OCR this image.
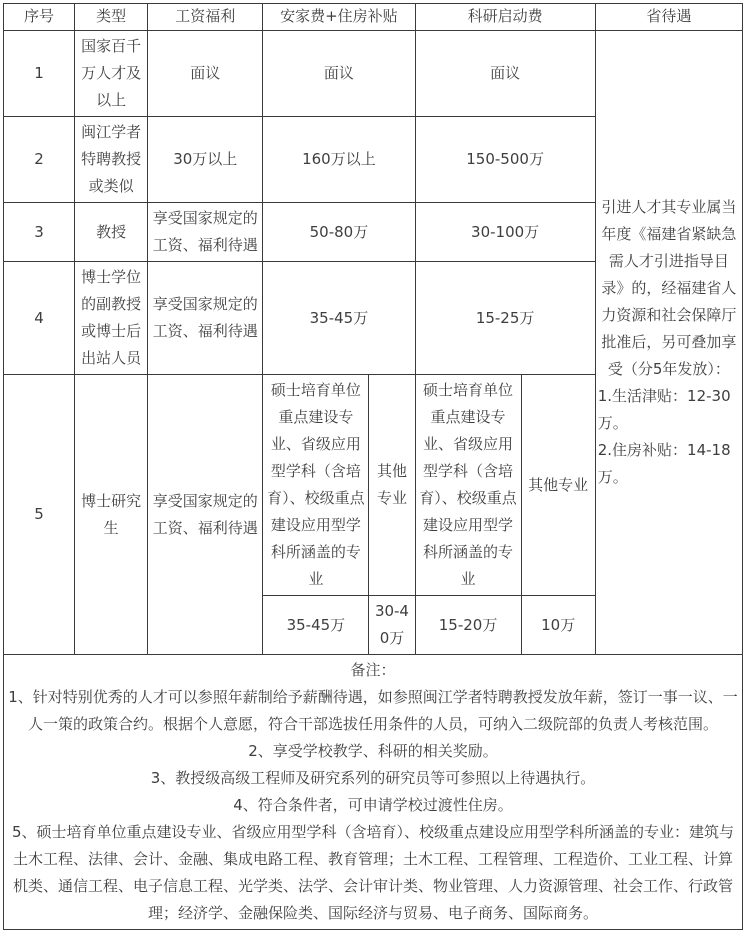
序号	类型	工资福利	安家费+住房补贴		科研启动费		省待遇
1	国家百千万人才及以上	面议	面议		面议		引进人才其专业属当年度《福建省紧缺急需人才引进指导目录》的，经福建省人力资源和社会保障厅批准后，另可叠加享受（分5年发放）：
1.生活津贴：12-30万。
2.住房补贴：14-18万。

2	闽江学者特聘教授或类似	30万以上	160万以上		150-500万		
3	教授	享受国家规定的工资、福利待遇	50-80万		30-100万		
4	博士学位的副教授或博士后出站人员	享受国家规定的工资、福利待遇	35-45万		15-25万		
5	博士研究生	享受国家规定的工资、福利待遇	硕士培育单位重点建设专业、省级应用型学科（含培育）、校级重点建设应用型学科所涵盖的专业	其他专业	硕士培育单位重点建设专业、省级应用型学科（含培育）、校级重点建设应用型学科所涵盖的专业	其他专业	
			35-45万	30-40万	15-20万	10万	

备注：

1、针对特别优秀的人才可以参照年薪制给予薪酬待遇，如参照闽江学者特聘教授发放年薪，签订一事一议、一人一策的政策合约。根据个人意愿，符合干部选拔任用条件的人员，可纳入二级院部的负责人考核范围。

2、享受学校教学、科研的相关奖励。

3、教授级高级工程师及研究系列的研究员等可参照以上待遇执行。

4、符合条件者，可申请学校过渡性住房。

5、硕士培育单位重点建设专业、省级应用型学科（含培育）、校级重点建设应用型学科所涵盖的专业：建筑与土木工程、法律、会计、金融、集成电路工程、教育管理；土木工程、工程管理、工程造价、工业工程、计算机类、通信工程、电子信息工程、光学类、法学、会计审计类、物业管理、人力资源管理、社会工作、行政管理；经济学、金融保险类、国际经济与贸易、电子商务、国际商务。
